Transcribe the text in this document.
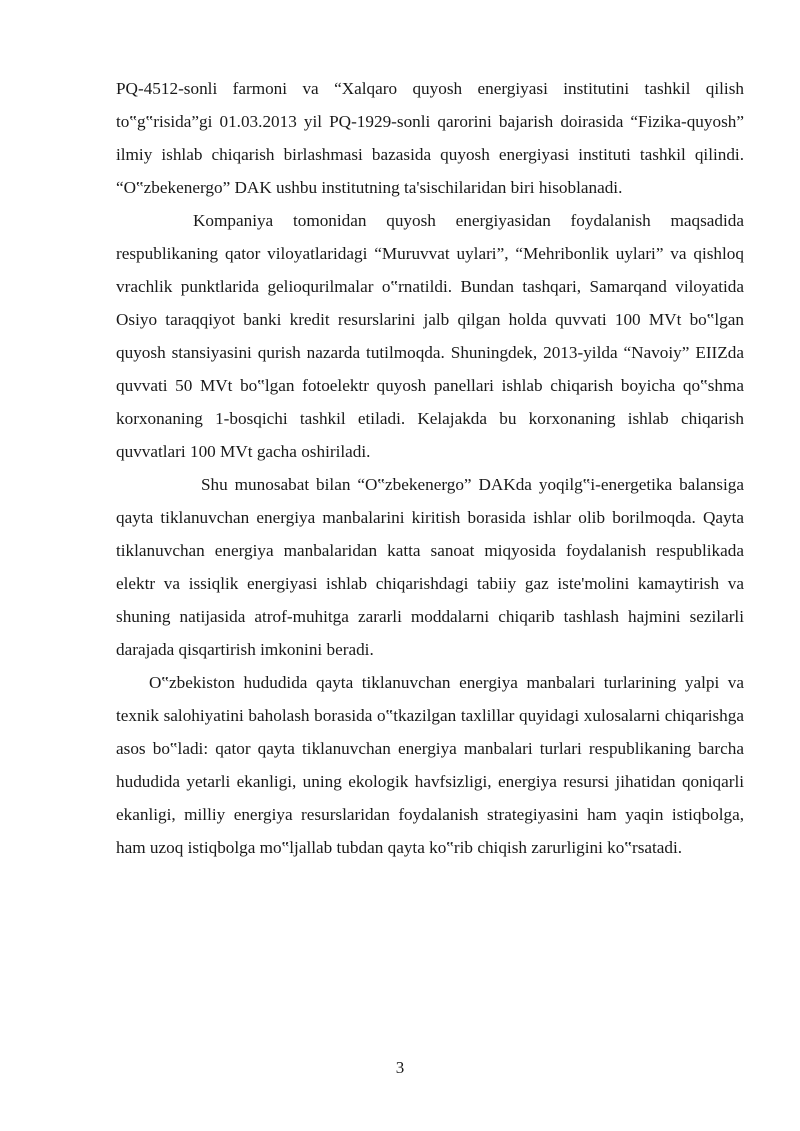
PQ-4512-sonli farmoni va “Xalqaro quyosh energiyasi institutini tashkil qilish to‟g‟risida”gi 01.03.2013 yil PQ-1929-sonli qarorini bajarish doirasida “Fizika-quyosh” ilmiy ishlab chiqarish birlashmasi bazasida quyosh energiyasi instituti tashkil qilindi. “O‟zbekenergo” DAK ushbu institutning ta'sischilaridan biri hisoblanadi.

Kompaniya tomonidan quyosh energiyasidan foydalanish maqsadida respublikaning qator viloyatlaridagi “Muruvvat uylari”, “Mehribonlik uylari” va qishloq vrachlik punktlarida gelioqurilmalar o‟rnatildi. Bundan tashqari, Samarqand viloyatida Osiyo taraqqiyot banki kredit resurslarini jalb qilgan holda quvvati 100 MVt bo‟lgan quyosh stansiyasini qurish nazarda tutilmoqda. Shuningdek, 2013-yilda “Navoiy” EIIZda quvvati 50 MVt bo‟lgan fotoelektr quyosh panellari ishlab chiqarish boyicha qo‟shma korxonaning 1-bosqichi tashkil etiladi. Kelajakda bu korxonaning ishlab chiqarish quvvatlari 100 MVt gacha oshiriladi.

Shu munosabat bilan “O‟zbekenergo” DAKda yoqilg‟i-energetika balansiga qayta tiklanuvchan energiya manbalarini kiritish borasida ishlar olib borilmoqda. Qayta tiklanuvchan energiya manbalaridan katta sanoat miqyosida foydalanish respublikada elektr va issiqlik energiyasi ishlab chiqarishdagi tabiiy gaz iste'molini kamaytirish va shuning natijasida atrof-muhitga zararli moddalarni chiqarib tashlash hajmini sezilarli darajada qisqartirish imkonini beradi.

O‟zbekiston hududida qayta tiklanuvchan energiya manbalari turlarining yalpi va texnik salohiyatini baholash borasida o‟tkazilgan taxlillar quyidagi xulosalarni chiqarishga asos bo‟ladi: qator qayta tiklanuvchan energiya manbalari turlari respublikaning barcha hududida yetarli ekanligi, uning ekologik havfsizligi, energiya resursi jihatidan qoniqarli ekanligi, milliy energiya resurslaridan foydalanish strategiyasini ham yaqin istiqbolga, ham uzoq istiqbolga mo‟ljallab tubdan qayta ko‟rib chiqish zarurligini ko‟rsatadi.

3
